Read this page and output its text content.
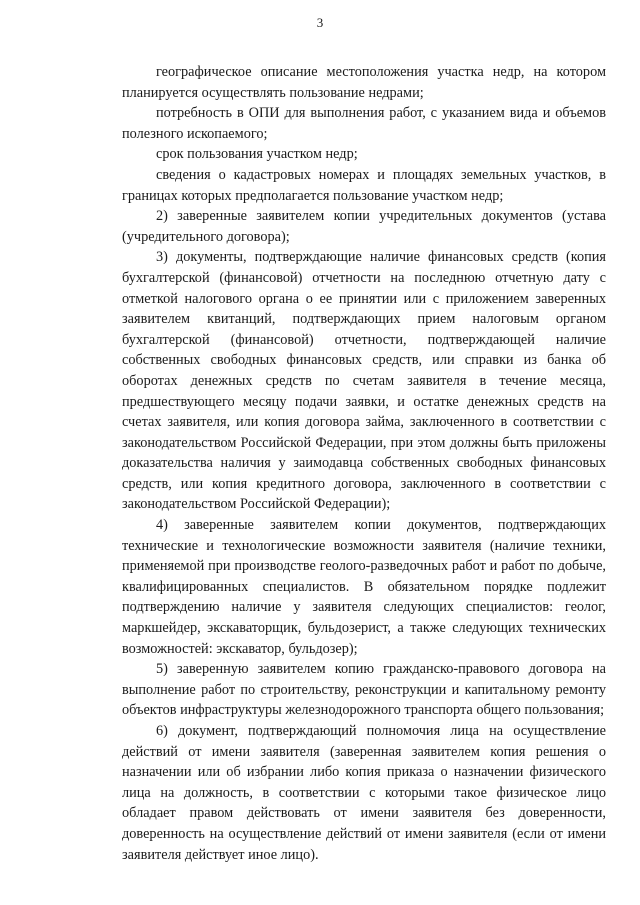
3

географическое описание местоположения участка недр, на котором планируется осуществлять пользование недрами;

потребность в ОПИ для выполнения работ, с указанием вида и объемов полезного ископаемого;

срок пользования участком недр;

сведения о кадастровых номерах и площадях земельных участков, в границах которых предполагается пользование участком недр;

2) заверенные заявителем копии учредительных документов (устава (учредительного договора);

3) документы, подтверждающие наличие финансовых средств (копия бухгалтерской (финансовой) отчетности на последнюю отчетную дату с отметкой налогового органа о ее принятии или с приложением заверенных заявителем квитанций, подтверждающих прием налоговым органом бухгалтерской (финансовой) отчетности, подтверждающей наличие собственных свободных финансовых средств, или справки из банка об оборотах денежных средств по счетам заявителя в течение месяца, предшествующего месяцу подачи заявки, и остатке денежных средств на счетах заявителя, или копия договора займа, заключенного в соответствии с законодательством Российской Федерации, при этом должны быть приложены доказательства наличия у заимодавца собственных свободных финансовых средств, или копия кредитного договора, заключенного в соответствии с законодательством Российской Федерации);

4) заверенные заявителем копии документов, подтверждающих технические и технологические возможности заявителя (наличие техники, применяемой при производстве геолого-разведочных работ и работ по добыче, квалифицированных специалистов. В обязательном порядке подлежит подтверждению наличие у заявителя следующих специалистов: геолог, маркшейдер, экскаваторщик, бульдозерист, а также следующих технических возможностей: экскаватор, бульдозер);

5) заверенную заявителем копию гражданско-правового договора на выполнение работ по строительству, реконструкции и капитальному ремонту объектов инфраструктуры железнодорожного транспорта общего пользования;

6) документ, подтверждающий полномочия лица на осуществление действий от имени заявителя (заверенная заявителем копия решения о назначении или об избрании либо копия приказа о назначении физического лица на должность, в соответствии с которыми такое физическое лицо обладает правом действовать от имени заявителя без доверенности, доверенность на осуществление действий от имени заявителя (если от имени заявителя действует иное лицо).
